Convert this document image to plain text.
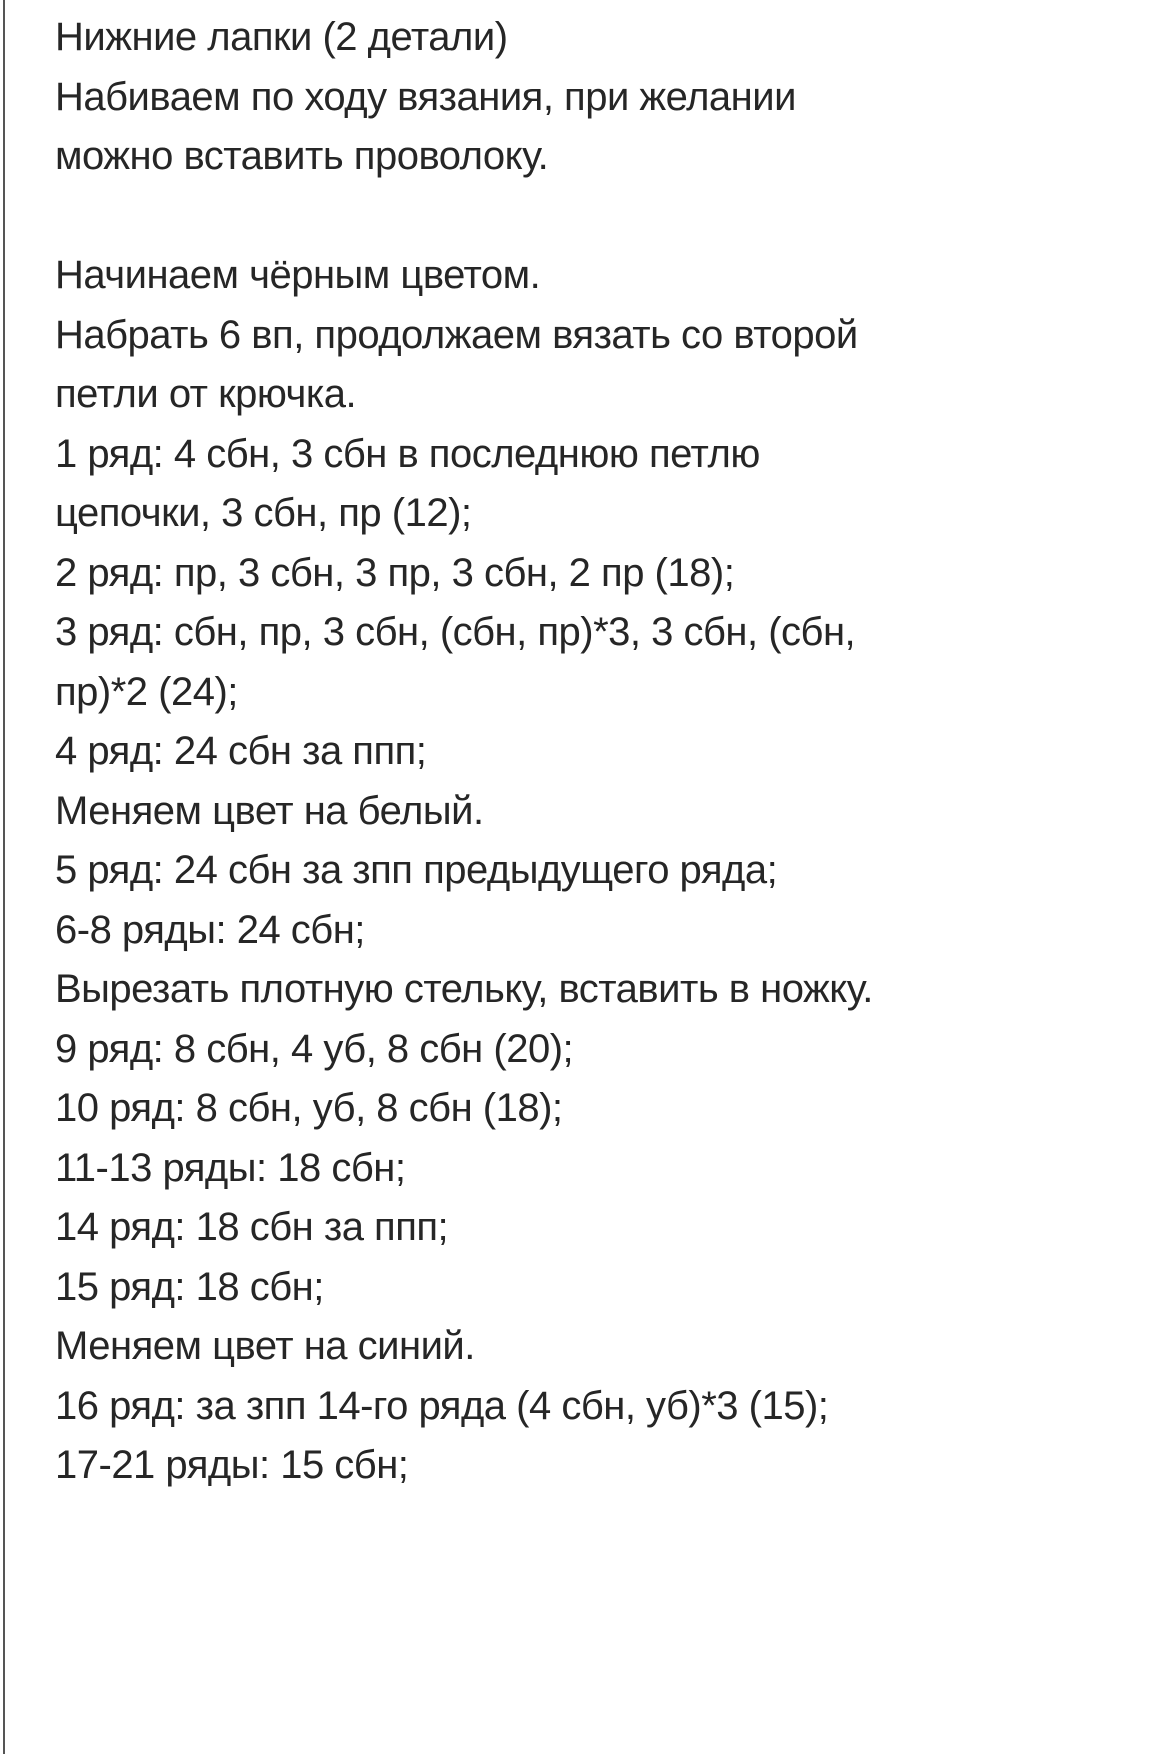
Нижние лапки (2 детали)
Набиваем по ходу вязания, при желании
можно вставить проволоку.
Начинаем чёрным цветом.
Набрать 6 вп, продолжаем вязать со второй
петли от крючка.
1 ряд: 4 сбн, 3 сбн в последнюю петлю
цепочки, 3 сбн, пр (12);
2 ряд: пр, 3 сбн, 3 пр, 3 сбн, 2 пр (18);
3 ряд: сбн, пр, 3 сбн, (сбн, пр)*3, 3 сбн, (сбн,
пр)*2 (24);
4 ряд: 24 сбн за ппп;
Меняем цвет на белый.
5 ряд: 24 сбн за зпп предыдущего ряда;
6-8 ряды: 24 сбн;
Вырезать плотную стельку, вставить в ножку.
9 ряд: 8 сбн, 4 уб, 8 сбн (20);
10 ряд: 8 сбн, уб, 8 сбн (18);
11-13 ряды: 18 сбн;
14 ряд: 18 сбн за ппп;
15 ряд: 18 сбн;
Меняем цвет на синий.
16 ряд: за зпп 14-го ряда (4 сбн, уб)*3 (15);
17-21 ряды: 15 сбн;
